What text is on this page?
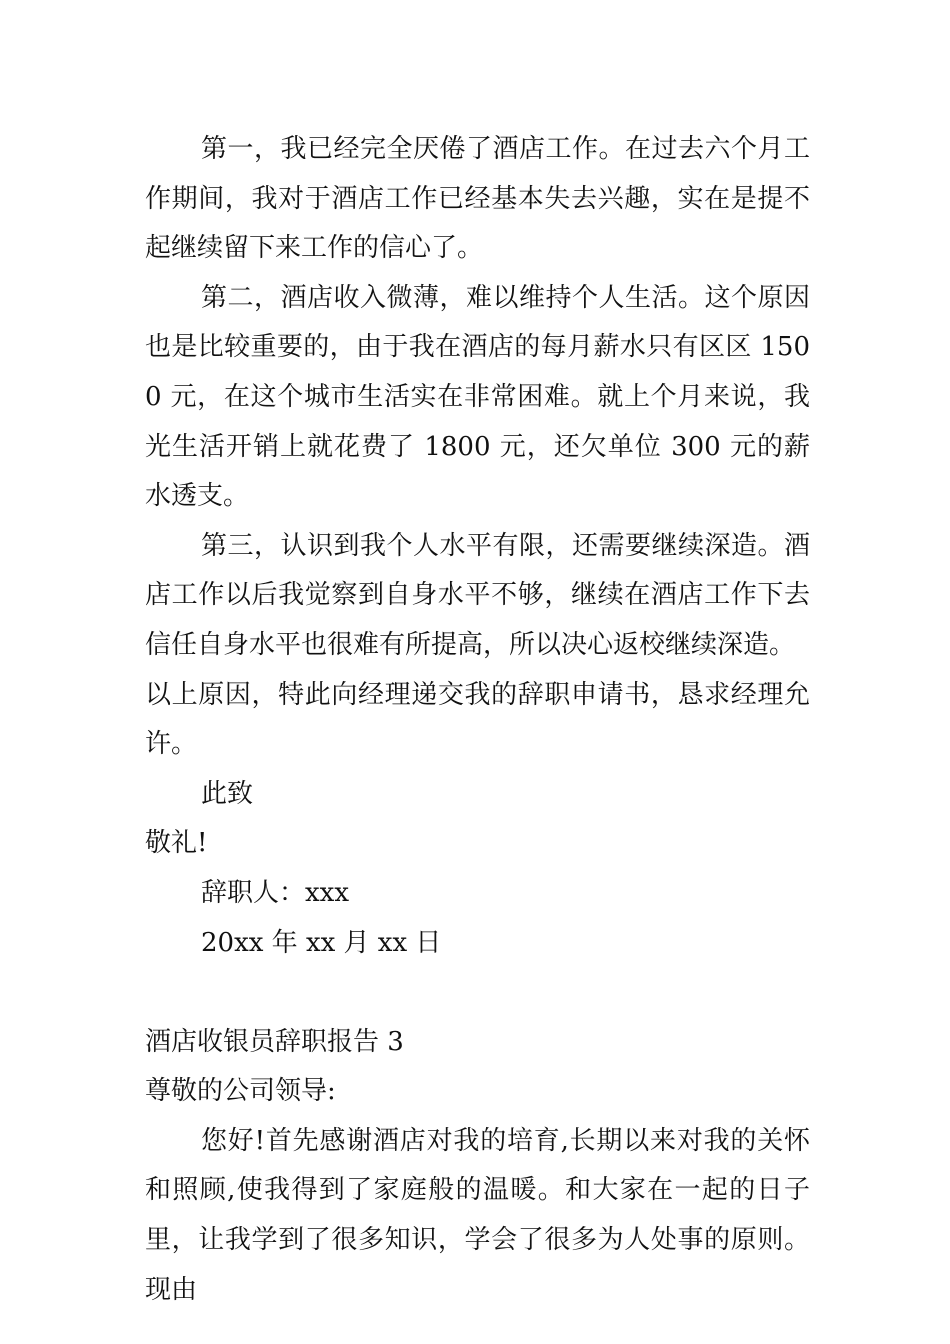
第一，我已经完全厌倦了酒店工作。在过去六个月工作期间，我对于酒店工作已经基本失去兴趣，实在是提不起继续留下来工作的信心了。

第二，酒店收入微薄，难以维持个人生活。这个原因也是比较重要的，由于我在酒店的每月薪水只有区区 1500 元，在这个城市生活实在非常困难。就上个月来说，我光生活开销上就花费了 1800 元，还欠单位 300 元的薪水透支。

第三，认识到我个人水平有限，还需要继续深造。酒店工作以后我觉察到自身水平不够，继续在酒店工作下去信任自身水平也很难有所提高，所以决心返校继续深造。

以上原因，特此向经理递交我的辞职申请书，恳求经理允许。

此致

敬礼!

辞职人：xxx

20xx 年 xx 月 xx 日

酒店收银员辞职报告 3

尊敬的公司领导:

您好!首先感谢酒店对我的培育,长期以来对我的关怀和照顾,使我得到了家庭般的温暖。和大家在一起的日子里，让我学到了很多知识，学会了很多为人处事的原则。现由
